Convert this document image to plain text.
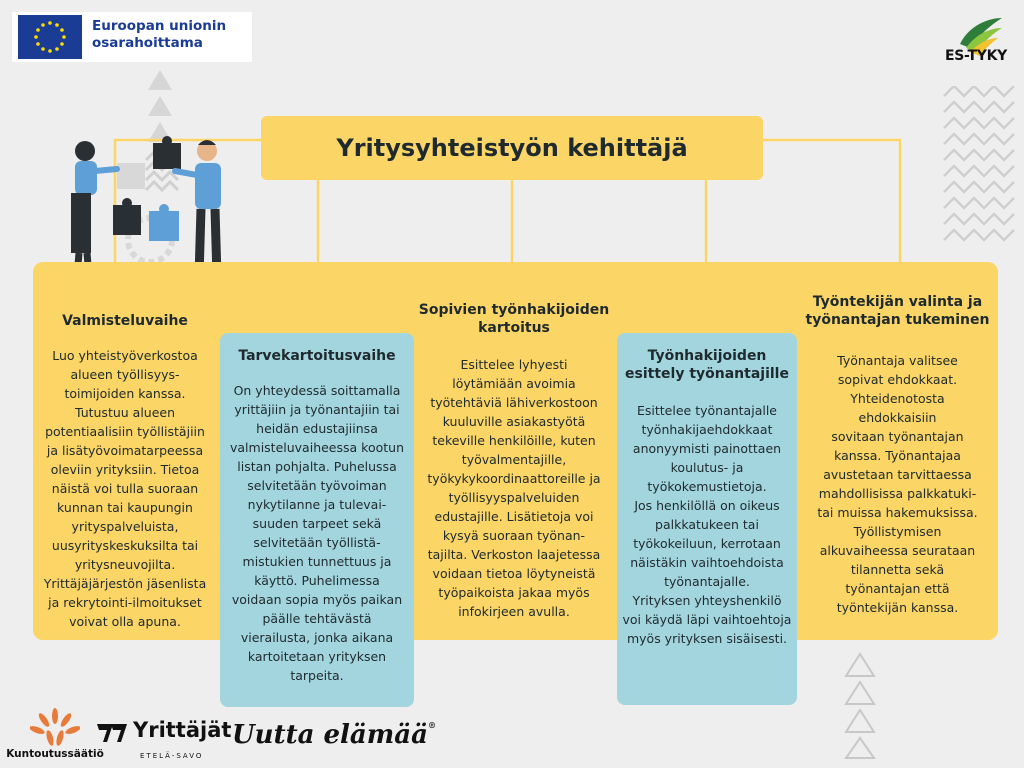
Euroopan unionin
osarahoittama
ES-TYKY
Yritysyhteistyön kehittäjä
Valmisteluvaihe
Luo yhteistyöverkostoa
alueen työllisyys-
toimijoiden kanssa.
Tutustuu alueen
potentiaalisiin työllistäjiin
ja lisätyövoimatarpeessa
oleviin yrityksiin. Tietoa
näistä voi tulla suoraan
kunnan tai kaupungin
yrityspalveluista,
uusyrityskeskuksilta tai
yritysneuvojilta.
Yrittäjäjärjestön jäsenlista
ja rekrytointi-ilmoitukset
voivat olla apuna.
Tarvekartoitusvaihe
On yhteydessä soittamalla
yrittäjiin ja työnantajiin tai
heidän edustajiinsa
valmisteluvaiheessa kootun
listan pohjalta. Puhelussa
selvitetään työvoiman
nykytilanne ja tulevai-
suuden tarpeet sekä
selvitetään työllistä-
mistukien tunnettuus ja
käyttö. Puhelimessa
voidaan sopia myös paikan
päälle tehtävästä
vierailusta, jonka aikana
kartoitetaan yrityksen
tarpeita.
Sopivien työnhakijoiden
kartoitus
Esittelee lyhyesti
löytämiään avoimia
työtehtäviä lähiverkostoon
kuuluville asiakastyötä
tekeville henkilöille, kuten
työvalmentajille,
työkykykoordinaattoreille ja
työllisyyspalveluiden
edustajille. Lisätietoja voi
kysyä suoraan työnan-
tajilta. Verkoston laajetessa
voidaan tietoa löytyneistä
työpaikoista jakaa myös
infokirjeen avulla.
Työnhakijoiden
esittely työnantajille
Esittelee työnantajalle
työnhakijaehdokkaat
anonyymisti painottaen
koulutus- ja
työkokemustietoja.
Jos henkilöllä on oikeus
palkkatukeen tai
työkokeiluun, kerrotaan
näistäkin vaihtoehdoista
työnantajalle.
Yrityksen yhteyshenkilö
voi käydä läpi vaihtoehtoja
myös yrityksen sisäisesti.
Työntekijän valinta ja
työnantajan tukeminen
Työnantaja valitsee
sopivat ehdokkaat.
Yhteidenotosta
ehdokkaisiin
sovitaan työnantajan
kanssa. Työnantajaa
avustetaan tarvittaessa
mahdollisissa palkkatuki-
tai muissa hakemuksissa.
Työllistymisen
alkuvaiheessa seurataan
tilannetta sekä
työnantajan että
työntekijän kanssa.
Kuntoutussäätiö
Yrittäjät
ETELÄ-SAVO
Uutta elämää®
